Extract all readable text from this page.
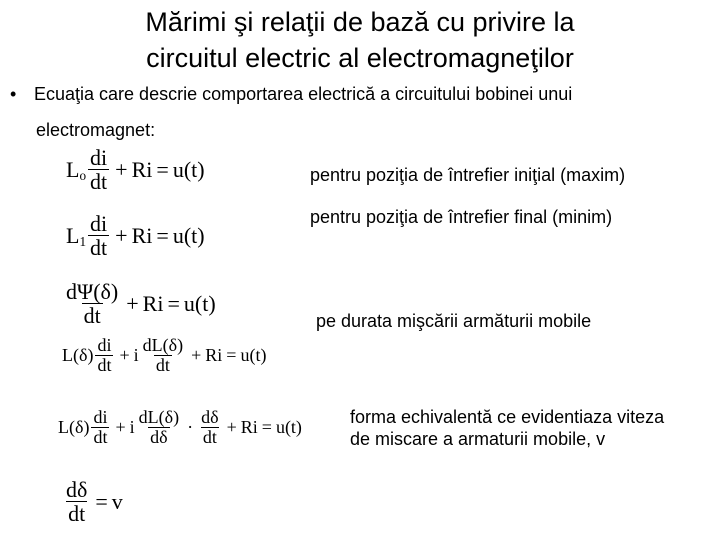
Mărimi şi relaţii de bază cu privire la
circuitul electric al electromagneţilor
• Ecuaţia care descrie comportarea electrică a circuitului bobinei unui
electromagnet:
L o $\frac{di}{dt} + Ri = u(t)$	pentru poziţia de întrefier iniţial (maxim)
L $1 \frac{di}{dt} + Ri = u(t)$
pentru poziţia de întrefier final (minim)
$\frac{d\Psi(\delta)}{dt} + Ri = u(t)$
pe durata mişcării armăturii mobile
$L(\delta) \frac{di}{dt} + i \frac{dL(\delta)}{dt} + Ri = u(t)$
$L(\delta) \frac{di}{dt} + i \frac{dL(\delta)}{d\delta} \cdot \frac{d\delta}{dt} + Ri = u(t)$	forma echivalentă ce evidentiaza viteza
de miscare a armaturii mobile, v
$\frac{d\delta}{dt} = v$
